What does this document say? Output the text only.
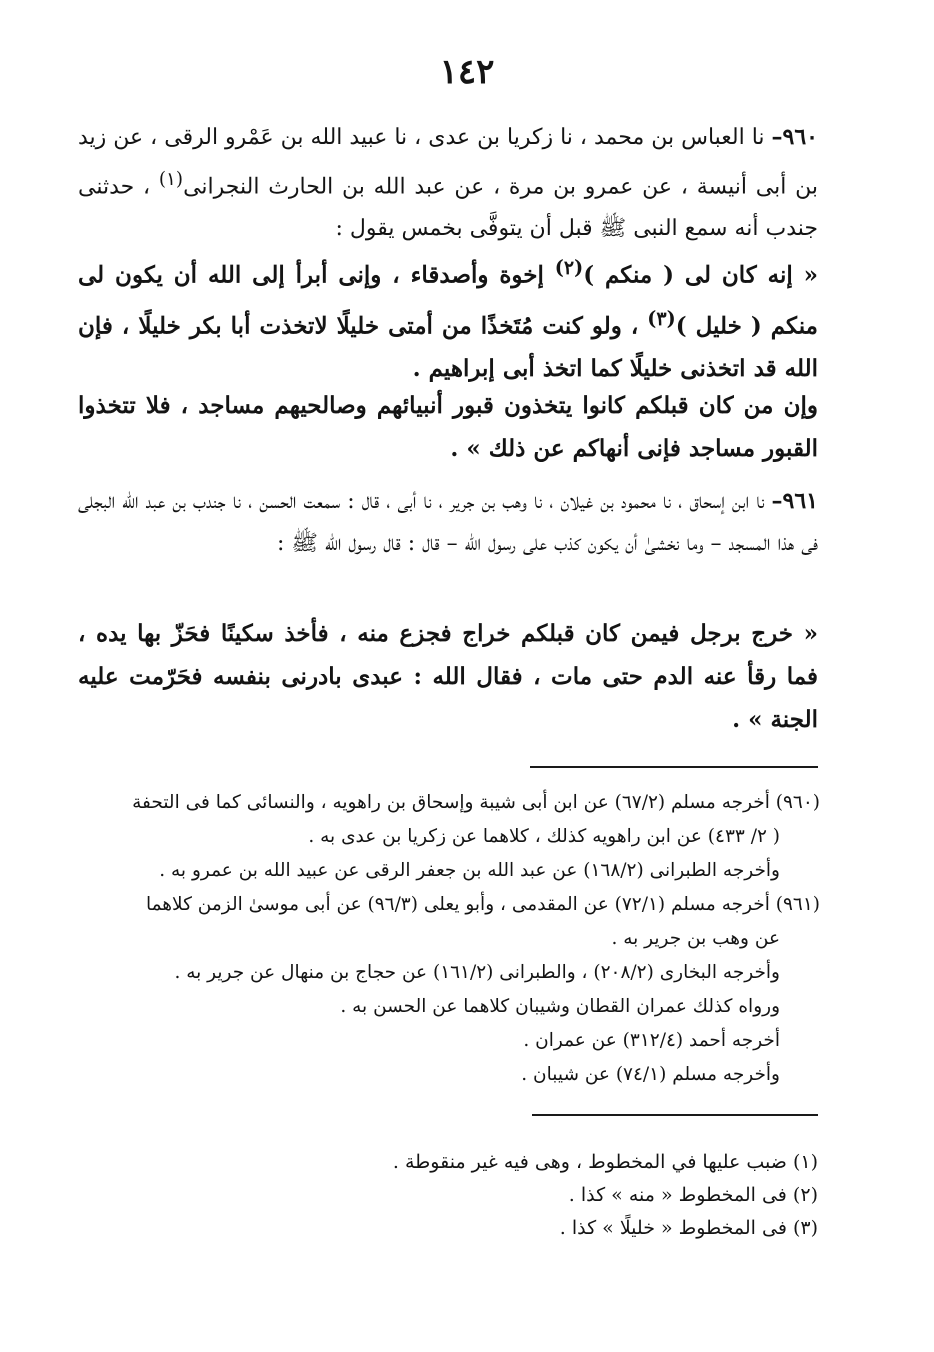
١٤٢
٩٦٠– نا العباس بن محمد ، نا زكريا بن عدى ، نا عبيد الله بن عَمْرو الرقى ، عن زيد بن أبى أنيسة ، عن عمرو بن مرة ، عن عبد الله بن الحارث النجرانى$^{(١)}$ ، حدثنى جندب أنه سمع النبى ﷺ قبل أن يتوفَّى بخمس يقول :
« إنه كان لى ( منكم )$^{(٢)}$ إخوة وأصدقاء ، وإنى أبرأ إلى الله أن يكون لى منكم ( خليل )$^{(٣)}$ ، ولو كنت مُتَخذًا من أمتى خليلًا لاتخذت أبا بكر خليلًا ، فإن الله قد اتخذنى خليلًا كما اتخذ أبى إبراهيم .
وإن من كان قبلكم كانوا يتخذون قبور أنبيائهم وصالحيهم مساجد ، فلا تتخذوا القبور مساجد فإنى أنهاكم عن ذلك » .
٩٦١– نا ابن إسحاق ، نا محمود بن غيلان ، نا وهب بن جرير ، نا أبى ، قال : سمعت الحسن ، نا جندب بن عبد الله البجلى فى هذا المسجد – وما نخشىٰ أن يكون كذب على رسول الله – قال : قال رسول الله ﷺ :
« خرج برجل فيمن كان قبلكم خراج فجزع منه ، فأخذ سكينًا فحَزّ بها يده ، فما رقأ عنه الدم حتى مات ، فقال الله : عبدى بادرنى بنفسه فحَرّمت عليه الجنة » .
(٩٦٠) أخرجه مسلم (٦٧/٢) عن ابن أبى شيبة وإسحاق بن راهويه ، والنسائى كما فى التحفة
( ٢/ ٤٣٣) عن ابن راهويه كذلك ، كلاهما عن زكريا بن عدى به .
وأخرجه الطبرانى (١٦٨/٢) عن عبد الله بن جعفر الرقى عن عبيد الله بن عمرو به .
(٩٦١) أخرجه مسلم (٧٢/١) عن المقدمى ، وأبو يعلى (٩٦/٣) عن أبى موسىٰ الزمن كلاهما
عن وهب بن جرير به .
وأخرجه البخارى (٢٠٨/٢) ، والطبرانى (١٦١/٢) عن حجاج بن منهال عن جرير به .
ورواه كذلك عمران القطان وشيبان كلاهما عن الحسن به .
أخرجه أحمد (٣١٢/٤) عن عمران .
وأخرجه مسلم (٧٤/١) عن شيبان .
(١) ضبب عليها في المخطوط ، وهى فيه غير منقوطة .
(٢) فى المخطوط « منه » كذا .
(٣) فى المخطوط « خليلًا » كذا .
